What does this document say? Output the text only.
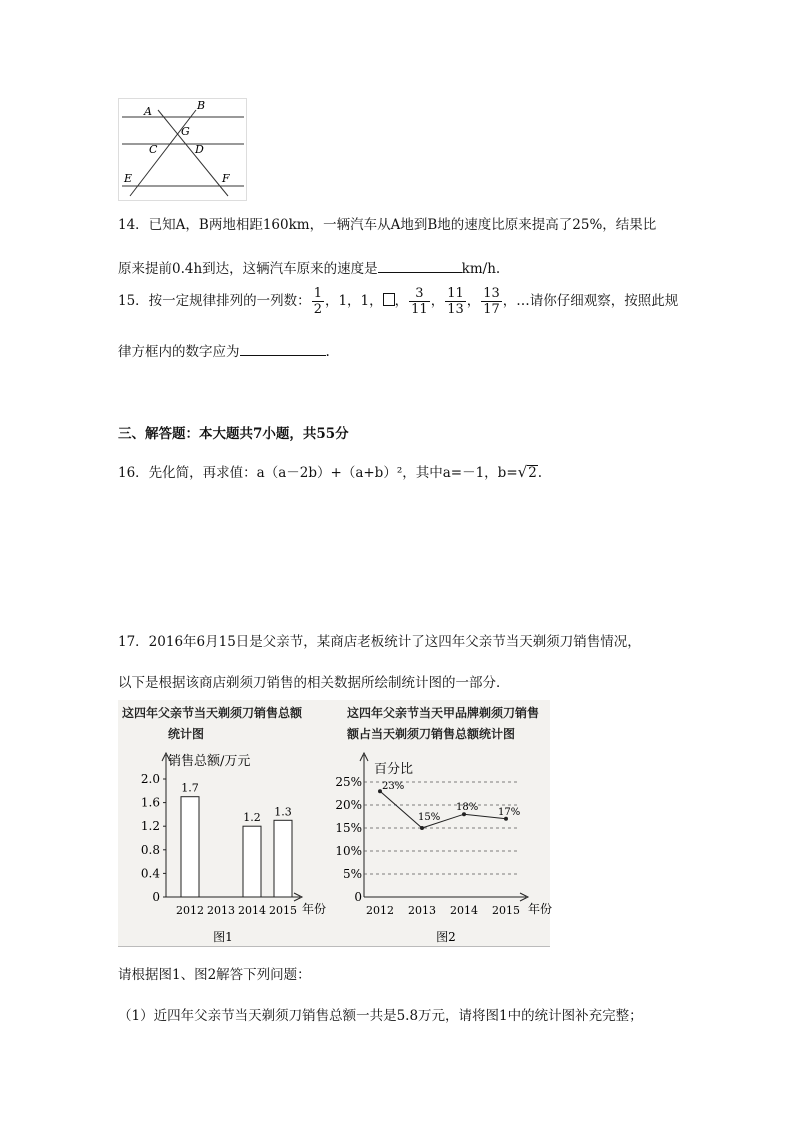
A	B
G
C	D
E	F
14．已知A，B两地相距160km，一辆汽车从A地到B地的速度比原来提高了25%，结果比
原来提前0.4h到达，这辆汽车原来的速度是	km/h.
15．按一定规律排列的一列数： $\frac{1}{2}$ ，1，1， ， $\frac{3}{11}$ ， $\frac{11}{13}$ ， $\frac{13}{17}$ ，…请你仔细观察，按照此规
律方框内的数字应为	.
三、解答题：本大题共7小题，共55分
16．先化简，再求值：a（a－2b）+（a+b）²，其中a=－1，b=√2.
17．2016年6月15日是父亲节，某商店老板统计了这四年父亲节当天剃须刀销售情况，
以下是根据该商店剃须刀销售的相关数据所绘制统计图的一部分．
这四年父亲节当天剃须刀销售总额
统计图
这四年父亲节当天甲品牌剃须刀销售
额占当天剃须刀销售总额统计图
销售总额/万元
年份
0
0.4
0.8
1.2
1.6
2.0
2012
1.7
2013 2014
1.2
2015
1.3
图1
百分比
年份
0
5%
10%
15%
20%
25%
2012 2013 2014 2015
23%
15%
18% 17%
图2
请根据图1、图2解答下列问题：
（1）近四年父亲节当天剃须刀销售总额一共是5.8万元，请将图1中的统计图补充完整；
